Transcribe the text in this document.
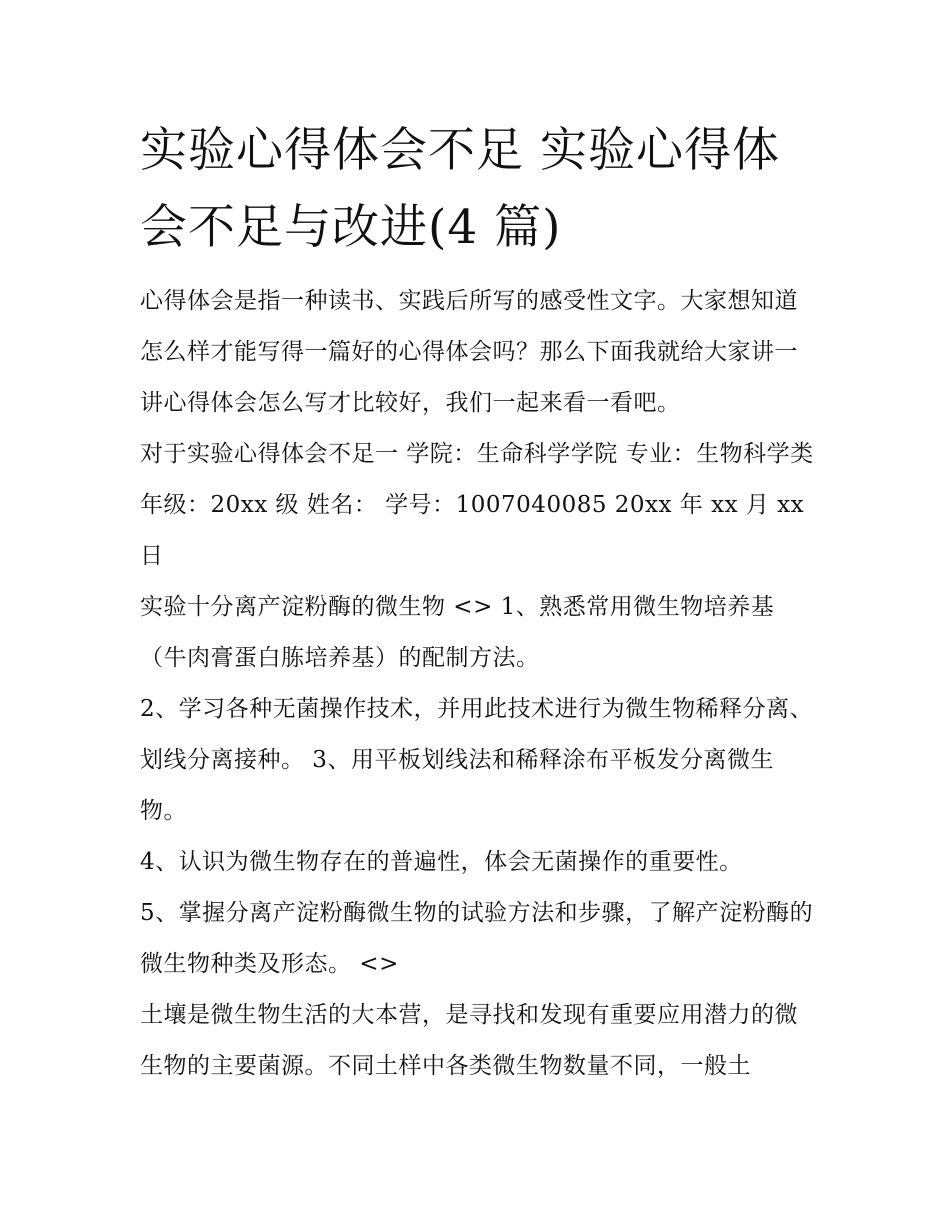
实验心得体会不足 实验心得体会不足与改进(4 篇)

心得体会是指一种读书、实践后所写的感受性文字。大家想知道怎么样才能写得一篇好的心得体会吗？那么下面我就给大家讲一讲心得体会怎么写才比较好，我们一起来看一看吧。

对于实验心得体会不足一 学院：生命科学学院 专业：生物科学类 年级：20xx 级 姓名： 学号：1007040085 20xx 年 xx 月 xx 日

实验十分离产淀粉酶的微生物 <> 1、熟悉常用微生物培养基（牛肉膏蛋白胨培养基）的配制方法。

2、学习各种无菌操作技术，并用此技术进行为微生物稀释分离、划线分离接种。 3、用平板划线法和稀释涂布平板发分离微生物。

4、认识为微生物存在的普遍性，体会无菌操作的重要性。

5、掌握分离产淀粉酶微生物的试验方法和步骤，了解产淀粉酶的微生物种类及形态。 <>

土壤是微生物生活的大本营，是寻找和发现有重要应用潜力的微生物的主要菌源。不同土样中各类微生物数量不同，一般土
